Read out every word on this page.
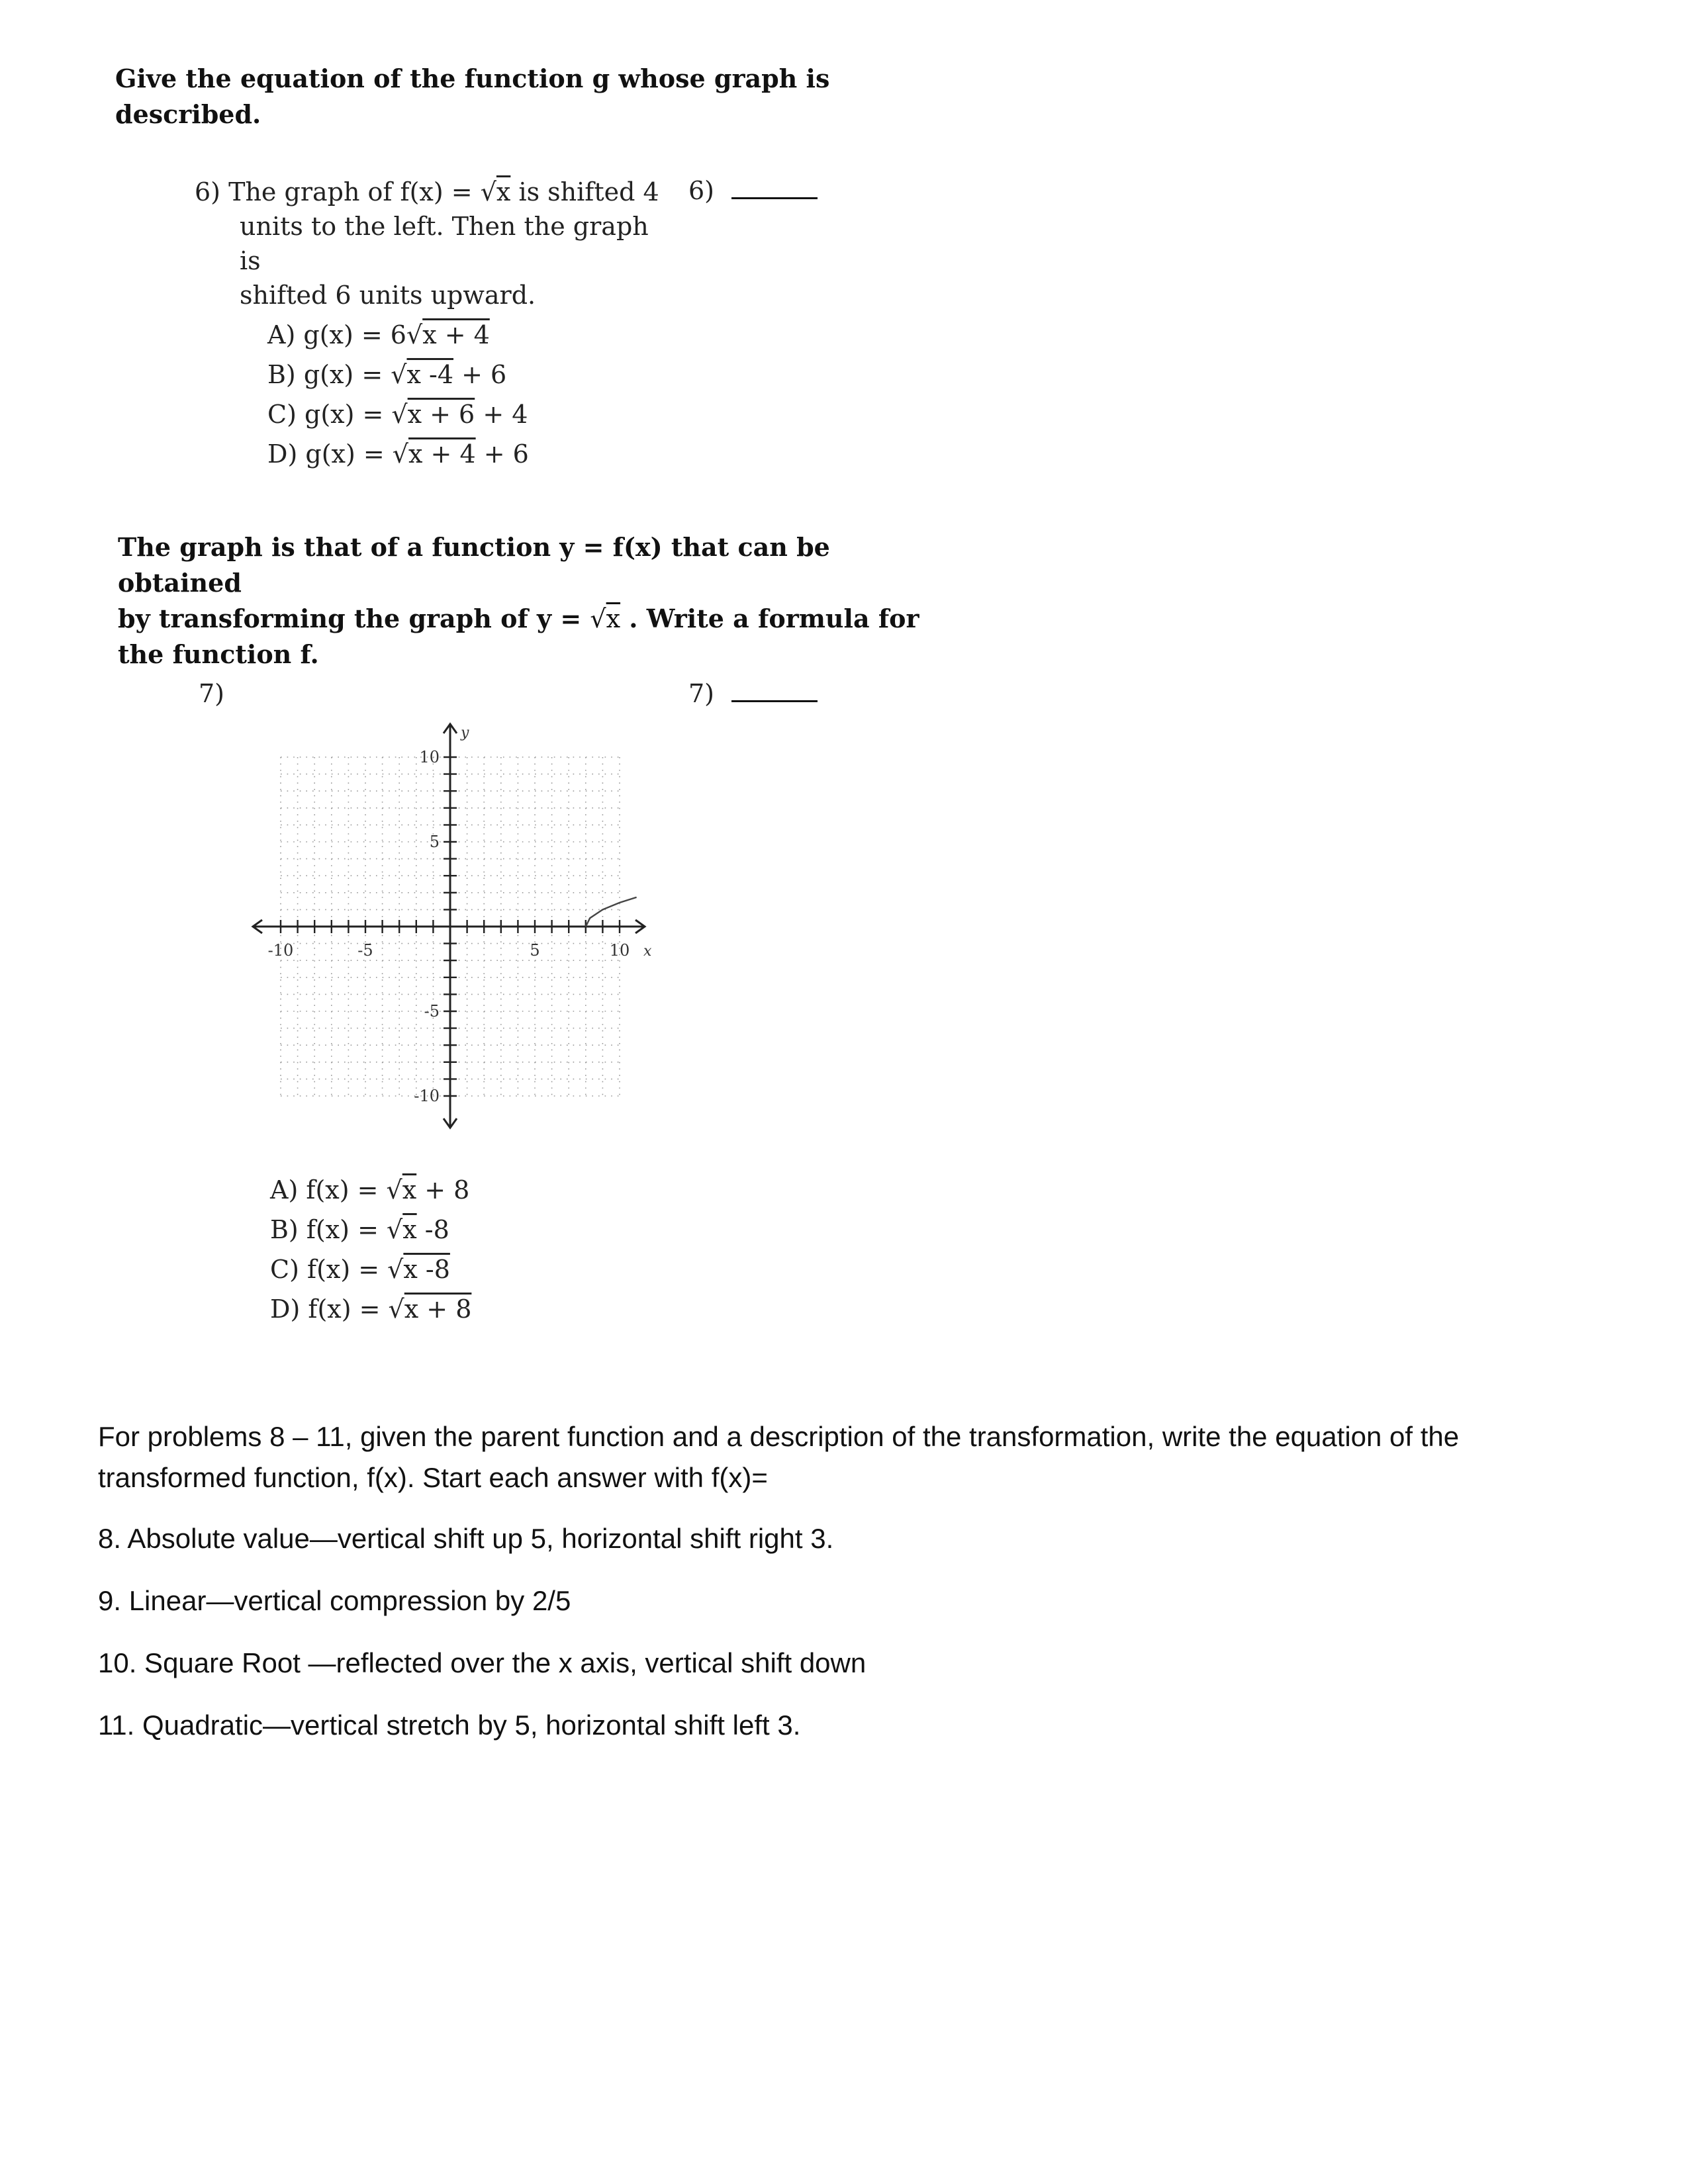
Give the equation of the function g whose graph is
described.
6) The graph of f(x) = √x is shifted 4
units to the left. Then the graph is
shifted 6 units upward.
6)
A) g(x) = 6√x + 4
B) g(x) = √x -4 + 6
C) g(x) = √x + 6 + 4
D) g(x) = √x + 4 + 6
The graph is that of a function y = f(x) that can be obtained
by transforming the graph of y = √x . Write a formula for
the function f.
7)	7)
-10	-5	5	10
10
5
-5
-10
x
y
A) f(x) = √x + 8
B) f(x) = √x -8
C) f(x) = √x -8
D) f(x) = √x + 8
For problems 8 – 11, given the parent function and a description of the transformation, write the equation of the
transformed function, f(x). Start each answer with f(x)=
8. Absolute value—vertical shift up 5, horizontal shift right 3.
9. Linear—vertical compression by 2/5
10. Square Root —reflected over the x axis, vertical shift down
11. Quadratic—vertical stretch by 5, horizontal shift left 3.
